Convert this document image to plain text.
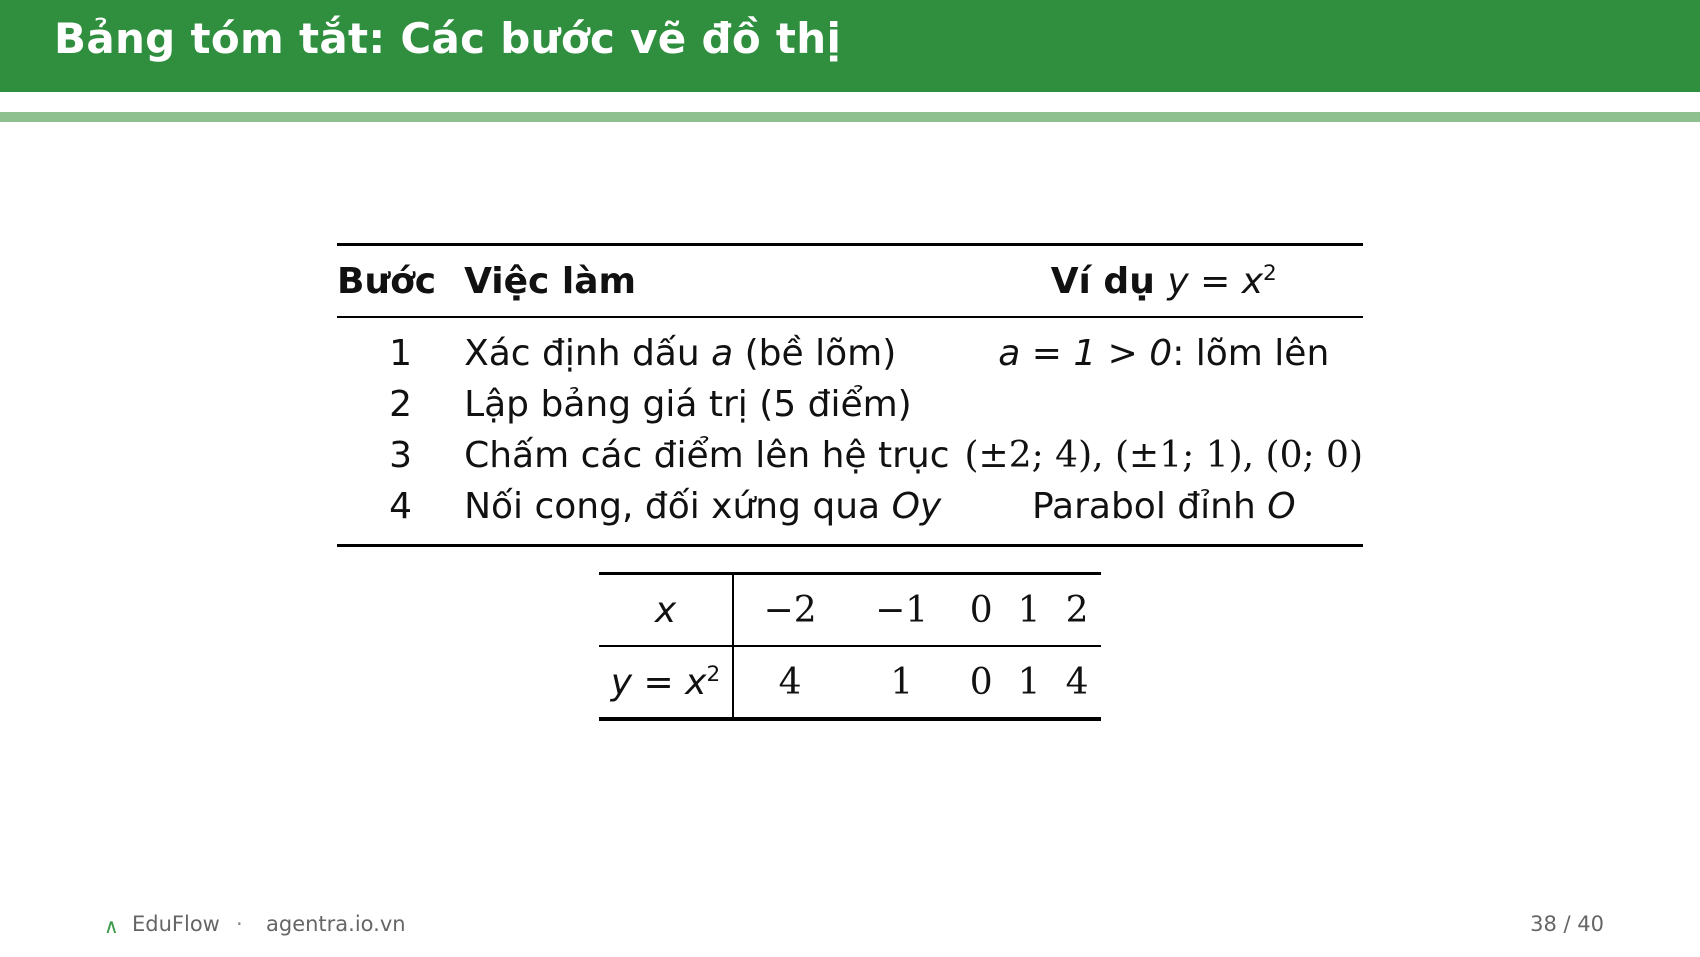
Bảng tóm tắt: Các bước vẽ đồ thị
Bước	Việc làm	Ví dụ $y = x^2$
1	Xác định dấu a (bề lõm)	a = 1 > 0: lõm lên
2	Lập bảng giá trị (5 điểm)	
3	Chấm các điểm lên hệ trục	(±2; 4), (±1; 1), (0; 0)
4	Nối cong, đối xứng qua Oy	Parabol đỉnh O
x	−2	−1	0	1	2
$y = x^2$	4	1	0	1	4
∧ EduFlow · agentra.io.vn	38 / 40
